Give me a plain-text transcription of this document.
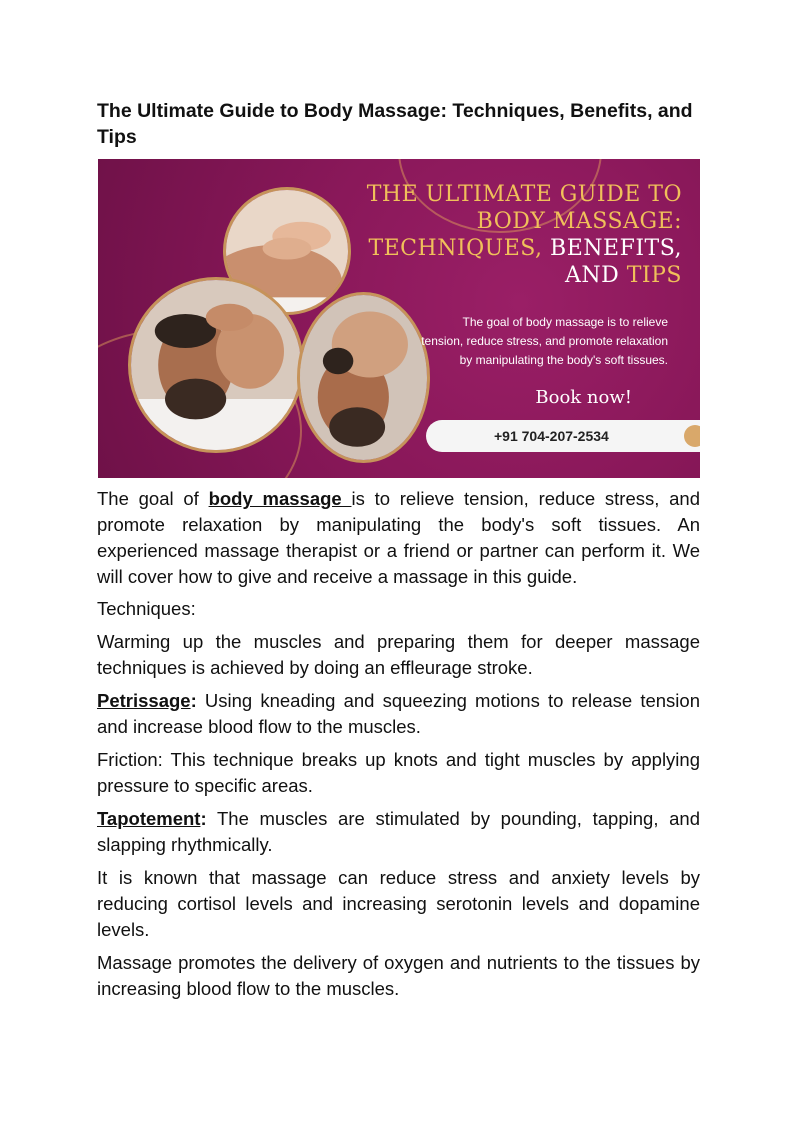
The Ultimate Guide to Body Massage: Techniques, Benefits, and Tips
THE ULTIMATE GUIDE TO
BODY MASSAGE:
TECHNIQUES, BENEFITS,
AND TIPS
The goal of body massage is to relieve tension, reduce stress, and promote relaxation by manipulating the body's soft tissues.
Book now!
+91 704-207-2534

The goal of body massage is to relieve tension, reduce stress, and promote relaxation by manipulating the body's soft tissues. An experienced massage therapist or a friend or partner can perform it. We will cover how to give and receive a massage in this guide.

Techniques:

Warming up the muscles and preparing them for deeper massage techniques is achieved by doing an effleurage stroke.

Petrissage: Using kneading and squeezing motions to release tension and increase blood flow to the muscles.

Friction: This technique breaks up knots and tight muscles by applying pressure to specific areas.

Tapotement: The muscles are stimulated by pounding, tapping, and slapping rhythmically.

It is known that massage can reduce stress and anxiety levels by reducing cortisol levels and increasing serotonin levels and dopamine levels.

Massage promotes the delivery of oxygen and nutrients to the tissues by increasing blood flow to the muscles.
